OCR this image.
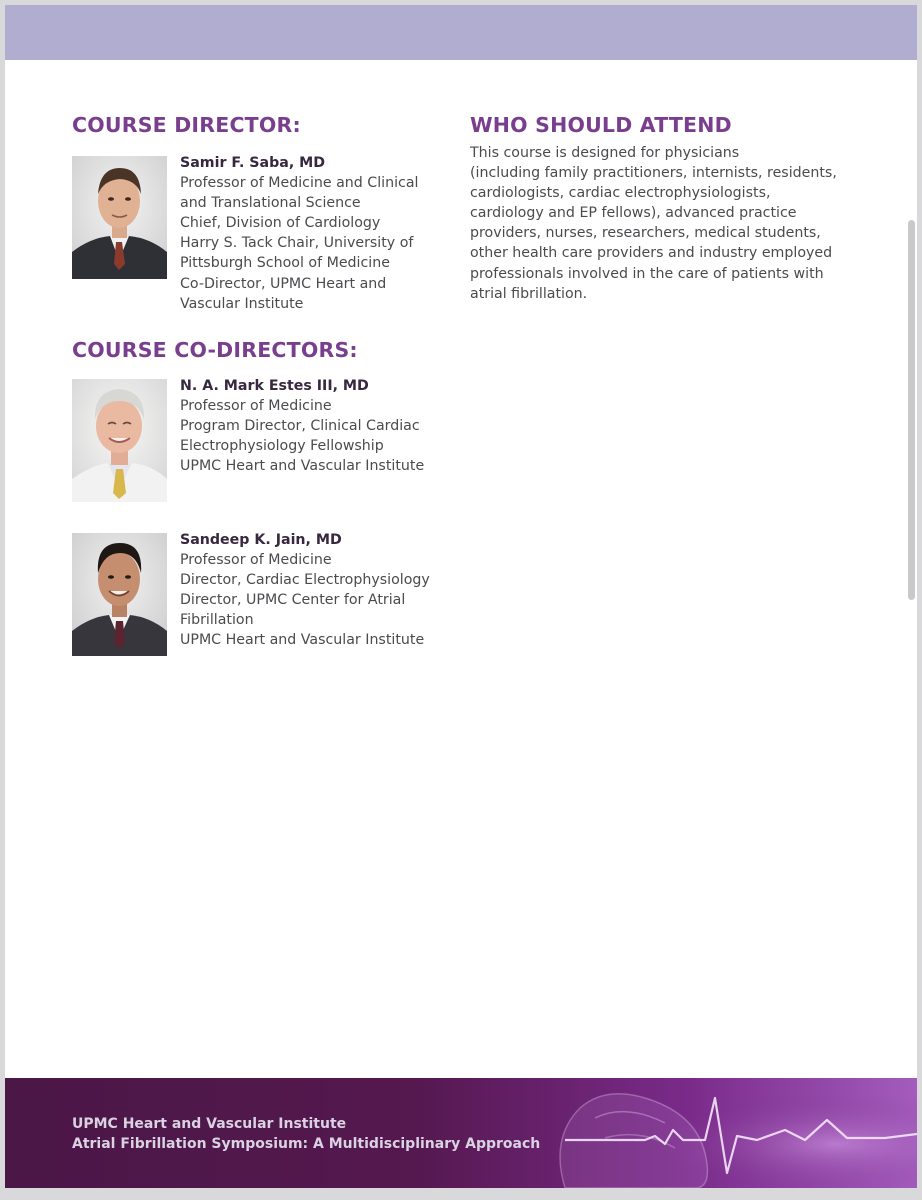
COURSE DIRECTOR:
Samir F. Saba, MD
Professor of Medicine and Clinical
and Translational Science
Chief, Division of Cardiology
Harry S. Tack Chair, University of
Pittsburgh School of Medicine
Co-Director, UPMC Heart and
Vascular Institute
COURSE CO-DIRECTORS:
N. A. Mark Estes III, MD
Professor of Medicine
Program Director, Clinical Cardiac
Electrophysiology Fellowship
UPMC Heart and Vascular Institute
Sandeep K. Jain, MD
Professor of Medicine
Director, Cardiac Electrophysiology
Director, UPMC Center for Atrial
Fibrillation
UPMC Heart and Vascular Institute
WHO SHOULD ATTEND

This course is designed for physicians
(including family practitioners, internists, residents,
cardiologists, cardiac electrophysiologists,
cardiology and EP fellows), advanced practice
providers, nurses, researchers, medical students,
other health care providers and industry employed
professionals involved in the care of patients with
atrial fibrillation.

UPMC Heart and Vascular Institute
Atrial Fibrillation Symposium: A Multidisciplinary Approach
